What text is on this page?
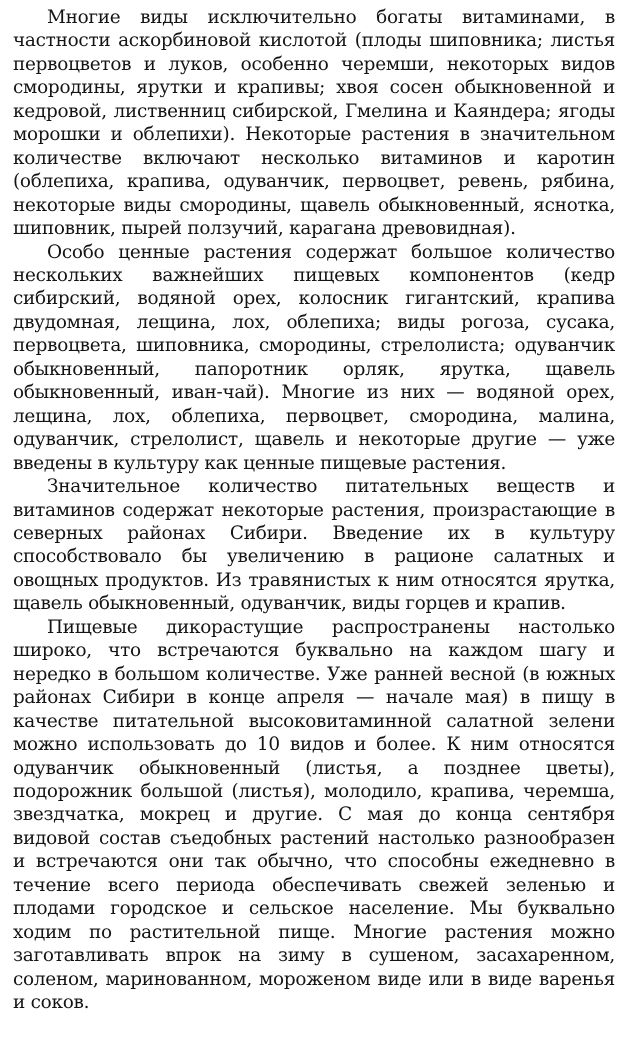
Многие виды исключительно богаты витаминами, в частности аскорбиновой кислотой (плоды шиповника; листья первоцветов и луков, особенно черемши, некоторых видов смородины, ярутки и крапивы; хвоя сосен обыкновенной и кедровой, лиственниц сибирской, Гмелина и Каяндера; ягоды морошки и облепихи). Некоторые растения в значительном количестве включают несколько витаминов и каротин (облепиха, крапива, одуванчик, первоцвет, ревень, рябина, некоторые виды смородины, щавель обыкновенный, яснотка, шиповник, пырей ползучий, карагана древовидная).

Особо ценные растения содержат большое количество нескольких важнейших пищевых компонентов (кедр сибирский, водяной орех, колосник гигантский, крапива двудомная, лещина, лох, облепиха; виды рогоза, сусака, первоцвета, шиповника, смородины, стрелолиста; одуванчик обыкновенный, папоротник орляк, ярутка, щавель обыкновенный, иван-чай). Многие из них — водяной орех, лещина, лох, облепиха, первоцвет, смородина, малина, одуванчик, стрелолист, щавель и некоторые другие — уже введены в культуру как ценные пищевые растения.

Значительное количество питательных веществ и витаминов содержат некоторые растения, произрастающие в северных районах Сибири. Введение их в культуру способствовало бы увеличению в рационе салатных и овощных продуктов. Из травянистых к ним относятся ярутка, щавель обыкновенный, одуванчик, виды горцев и крапив.

Пищевые дикорастущие распространены настолько широко, что встречаются буквально на каждом шагу и нередко в большом количестве. Уже ранней весной (в южных районах Сибири в конце апреля — начале мая) в пищу в качестве питательной высоковитаминной салатной зелени можно использовать до 10 видов и более. К ним относятся одуванчик обыкновенный (листья, а позднее цветы), подорожник большой (листья), молодило, крапива, черемша, звездчатка, мокрец и другие. С мая до конца сентября видовой состав съедобных растений настолько разнообразен и встречаются они так обычно, что способны ежедневно в течение всего периода обеспечивать свежей зеленью и плодами городское и сельское население. Мы буквально ходим по растительной пище. Многие растения можно заготавливать впрок на зиму в сушеном, засахаренном, соленом, маринованном, мороженом виде или в виде варенья и соков.
